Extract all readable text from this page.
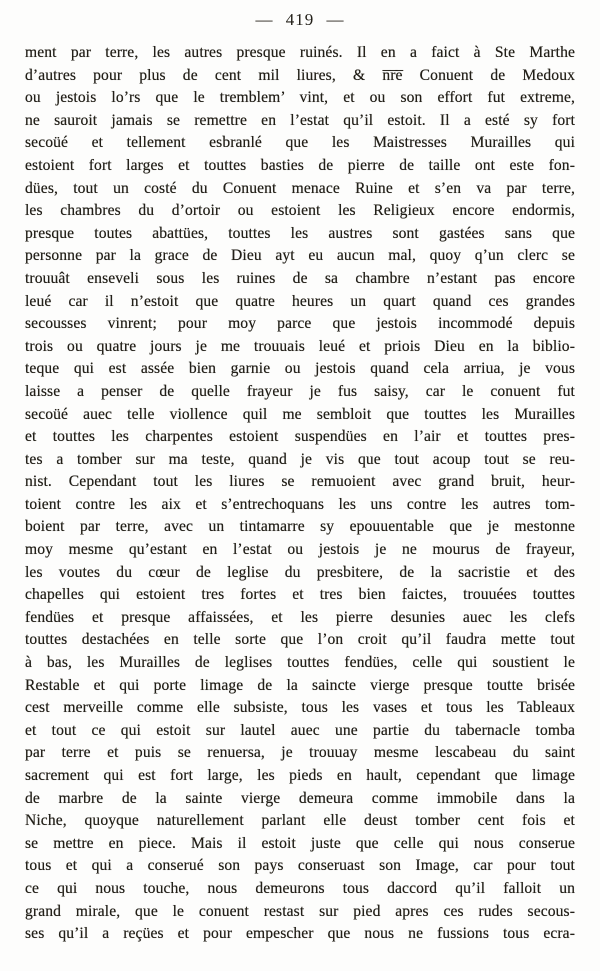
— 419 —
ment par terre, les autres presque ruinés. Il en a faict à Ste Marthe
d’autres pour plus de cent mil liures, & n̅r̅e̅ Conuent de Medoux
ou jestois lo’rs que le tremblem’ vint, et ou son effort fut extreme,
ne sauroit jamais se remettre en l’estat qu’il estoit. Il a esté sy fort
secoüé et tellement esbranlé que les Maistresses Murailles qui
estoient fort larges et touttes basties de pierre de taille ont este fon-
dües, tout un costé du Conuent menace Ruine et s’en va par terre,
les chambres du d’ortoir ou estoient les Religieux encore endormis,
presque toutes abattües, touttes les austres sont gastées sans que
personne par la grace de Dieu ayt eu aucun mal, quoy q’un clerc se
trouuât enseveli sous les ruines de sa chambre n’estant pas encore
leué car il n’estoit que quatre heures un quart quand ces grandes
secousses vinrent; pour moy parce que jestois incommodé depuis
trois ou quatre jours je me trouuais leué et priois Dieu en la biblio-
teque qui est assée bien garnie ou jestois quand cela arriua, je vous
laisse a penser de quelle frayeur je fus saisy, car le conuent fut
secoüé auec telle viollence quil me sembloit que touttes les Murailles
et touttes les charpentes estoient suspendües en l’air et touttes pres-
tes a tomber sur ma teste, quand je vis que tout acoup tout se reu-
nist. Cependant tout les liures se remuoient avec grand bruit, heur-
toient contre les aix et s’entrechoquans les uns contre les autres tom-
boient par terre, avec un tintamarre sy epouuentable que je mestonne
moy mesme qu’estant en l’estat ou jestois je ne mourus de frayeur,
les voutes du cœur de leglise du presbitere, de la sacristie et des
chapelles qui estoient tres fortes et tres bien faictes, trouuées touttes
fendües et presque affaissées, et les pierre desunies auec les clefs
touttes destachées en telle sorte que l’on croit qu’il faudra mette tout
à bas, les Murailles de leglises touttes fendües, celle qui soustient le
Restable et qui porte limage de la saincte vierge presque toutte brisée
cest merveille comme elle subsiste, tous les vases et tous les Tableaux
et tout ce qui estoit sur lautel auec une partie du tabernacle tomba
par terre et puis se renuersa, je trouuay mesme lescabeau du saint
sacrement qui est fort large, les pieds en hault, cependant que limage
de marbre de la sainte vierge demeura comme immobile dans la
Niche, quoyque naturellement parlant elle deust tomber cent fois et
se mettre en piece. Mais il estoit juste que celle qui nous conserue
tous et qui a conserué son pays conseruast son Image, car pour tout
ce qui nous touche, nous demeurons tous daccord qu’il falloit un
grand mirale, que le conuent restast sur pied apres ces rudes secous-
ses qu’il a reçües et pour empescher que nous ne fussions tous ecra-
